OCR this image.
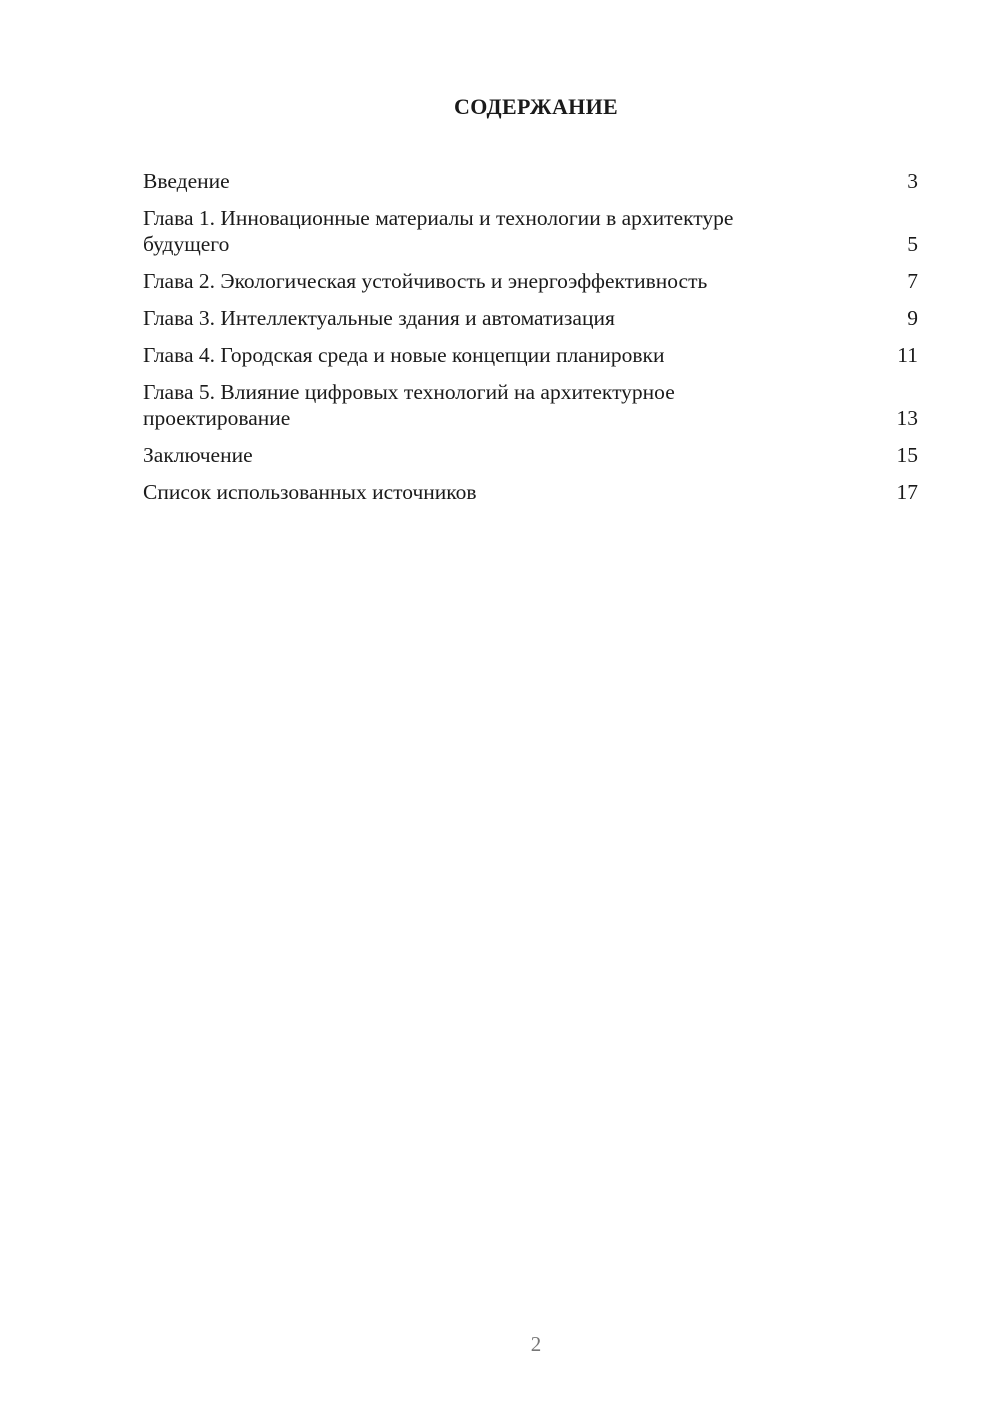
СОДЕРЖАНИЕ
Введение	3
Глава 1. Инновационные материалы и технологии в архитектуре будущего	5
Глава 2. Экологическая устойчивость и энергоэффективность	7
Глава 3. Интеллектуальные здания и автоматизация	9
Глава 4. Городская среда и новые концепции планировки	11
Глава 5. Влияние цифровых технологий на архитектурное проектирование	13
Заключение	15
Список использованных источников	17
2
